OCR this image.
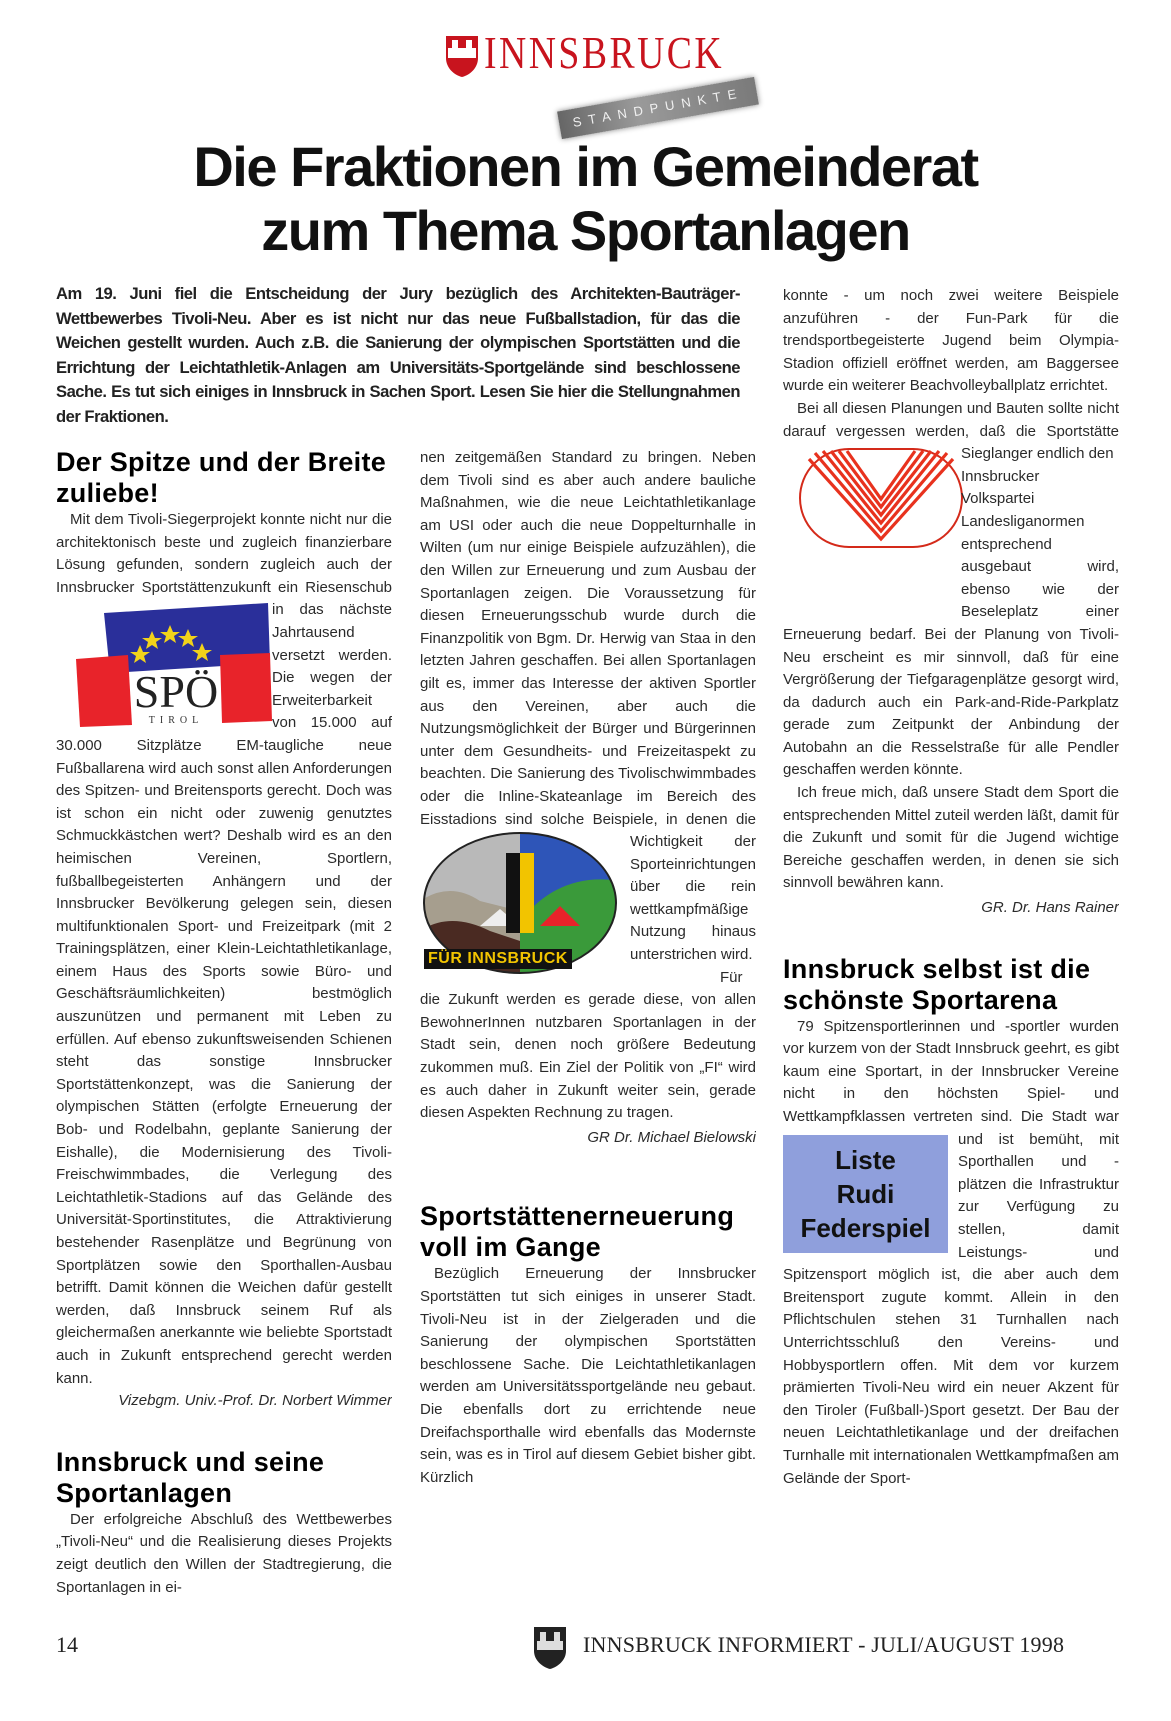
INNSBRUCK
STANDPUNKTE
Die Fraktionen im Gemeinderat
zum Thema Sportanlagen
Am 19. Juni fiel die Entscheidung der Jury bezüglich des Architekten-Bauträger-Wettbewerbes Tivoli-Neu. Aber es ist nicht nur das neue Fußballstadion, für das die Weichen gestellt wurden. Auch z.B. die Sanierung der olympischen Sportstätten und die Errichtung der Leichtathletik-Anlagen am Universitäts-Sportgelände sind beschlossene Sache. Es tut sich einiges in Innsbruck in Sachen Sport. Lesen Sie hier die Stellungnahmen der Fraktionen.
Der Spitze und der Breite zuliebe!

Mit dem Tivoli-Siegerprojekt konnte nicht nur die architektonisch beste und zugleich finanzierbare Lösung gefunden, sondern zugleich auch der Innsbrucker Sportstättenzukunft
SPÖ
TIROL
ein Riesenschub in das nächste Jahrtausend versetzt werden. Die wegen der Erweiterbarkeit von 15.000 auf 30.000 Sitzplätze EM-taugliche neue Fußballarena wird auch sonst allen Anforderungen des Spitzen- und Breitensports gerecht. Doch was ist schon ein nicht oder zuwenig genutztes Schmuckkästchen wert? Deshalb wird es an den heimischen Vereinen, Sportlern, fußballbegeisterten Anhängern und der Innsbrucker Bevölkerung gelegen sein, diesen multifunktionalen Sport- und Freizeitpark (mit 2 Trainingsplätzen, einer Klein-Leichtathletikanlage, einem Haus des Sports sowie Büro- und Geschäftsräumlichkeiten) bestmöglich auszunützen und permanent mit Leben zu erfüllen. Auf ebenso zukunftsweisenden Schienen steht das sonstige Innsbrucker Sportstättenkonzept, was die Sanierung der olympischen Stätten (erfolgte Erneuerung der Bob- und Rodelbahn, geplante Sanierung der Eishalle), die Modernisierung des Tivoli-Freischwimmbades, die Verlegung des Leichtathletik-Stadions auf das Gelände des Universität-Sportinstitutes, die Attraktivierung bestehender Rasenplätze und Begrünung von Sportplätzen sowie den Sporthallen-Ausbau betrifft. Damit können die Weichen dafür gestellt werden, daß Innsbruck seinem Ruf als gleichermaßen anerkannte wie beliebte Sportstadt auch in Zukunft entsprechend gerecht werden kann.

Vizebgm. Univ.-Prof. Dr. Norbert Wimmer
Innsbruck und seine Sportanlagen

Der erfolgreiche Abschluß des Wettbewerbes „Tivoli-Neu“ und die Realisierung dieses Projekts zeigt deutlich den Willen der Stadtregierung, die Sportanlagen in ei-

nen zeitgemäßen Standard zu bringen. Neben dem Tivoli sind es aber auch andere bauliche Maßnahmen, wie die neue Leichtathletikanlage am USI oder auch die neue Doppelturnhalle in Wilten (um nur einige Beispiele aufzuzählen), die den Willen zur Erneuerung und zum Ausbau der Sportanlagen zeigen. Die Voraussetzung für diesen Erneuerungsschub wurde durch die Finanzpolitik von Bgm. Dr. Herwig van Staa in den letzten Jahren geschaffen. Bei allen Sportanlagen gilt es, immer das Interesse der aktiven Sportler aus den Vereinen, aber auch die Nutzungsmöglichkeit der Bürger und Bürgerinnen unter dem Gesundheits- und Freizeitaspekt zu beachten. Die Sanierung des Tivolischwimmbades oder die Inline-Skateanlage im Bereich des Eisstadions sind solche Beispiele, in denen die
FÜR INNSBRUCK
Wichtigkeit der Sporteinrichtungen über die rein wettkampfmäßige Nutzung hinaus unterstrichen wird.

Für die Zukunft werden es gerade diese, von allen BewohnerInnen nutzbaren Sportanlagen in der Stadt sein, denen noch größere Bedeutung zukommen muß. Ein Ziel der Politik von „FI“ wird es auch daher in Zukunft weiter sein, gerade diesen Aspekten Rechnung zu tragen.

GR Dr. Michael Bielowski
Sportstättenerneuerung voll im Gange

Bezüglich Erneuerung der Innsbrucker Sportstätten tut sich einiges in unserer Stadt. Tivoli-Neu ist in der Zielgeraden und die Sanierung der olympischen Sportstätten beschlossene Sache. Die Leichtathletikanlagen werden am Universitätssportgelände neu gebaut. Die ebenfalls dort zu errichtende neue Dreifachsporthalle wird ebenfalls das Modernste sein, was es in Tirol auf diesem Gebiet bisher gibt. Kürzlich

konnte - um noch zwei weitere Beispiele anzuführen - der Fun-Park für die trendsportbegeisterte Jugend beim Olympia-Stadion offiziell eröffnet werden, am Baggersee wurde ein weiterer Beachvolleyballplatz errichtet.

Bei all diesen Planungen und Bauten sollte nicht darauf vergessen werden, daß die Sportstätte Sieglanger endlich den

Innsbrucker
Volkspartei
Landesliganormen entsprechend ausgebaut wird, ebenso wie der Beseleplatz einer Erneuerung bedarf. Bei der Planung von Tivoli-Neu erscheint es mir sinnvoll, daß für eine Vergrößerung der Tiefgaragenplätze gesorgt wird, da dadurch auch ein Park-and-Ride-Parkplatz gerade zum Zeitpunkt der Anbindung der Autobahn an die Resselstraße für alle Pendler geschaffen werden könnte.

Ich freue mich, daß unsere Stadt dem Sport die entsprechenden Mittel zuteil werden läßt, damit für die Zukunft und somit für die Jugend wichtige Bereiche geschaffen werden, in denen sie sich sinnvoll bewähren kann.

GR. Dr. Hans Rainer
Innsbruck selbst ist die schönste Sportarena

79 Spitzensportlerinnen und -sportler wurden vor kurzem von der Stadt Innsbruck geehrt, es gibt kaum eine Sportart, in der Innsbrucker Vereine nicht in den höchsten Spiel- und Wettkampfklassen vertreten sind. Die Stadt war und ist bemüht, mit
Liste
Rudi
Federspiel
Sporthallen und -plätzen die Infrastruktur zur Verfügung zu stellen, damit Leistungs- und Spitzensport möglich ist, die aber auch dem Breitensport zugute kommt. Allein in den Pflichtschulen stehen 31 Turnhallen nach Unterrichtsschluß den Vereins- und Hobbysportlern offen. Mit dem vor kurzem prämierten Tivoli-Neu wird ein neuer Akzent für den Tiroler (Fußball-)Sport gesetzt. Der Bau der neuen Leichtathletikanlage und der dreifachen Turnhalle mit internationalen Wettkampfmaßen am Gelände der Sport-

14	INNSBRUCK INFORMIERT - JULI/AUGUST 1998
